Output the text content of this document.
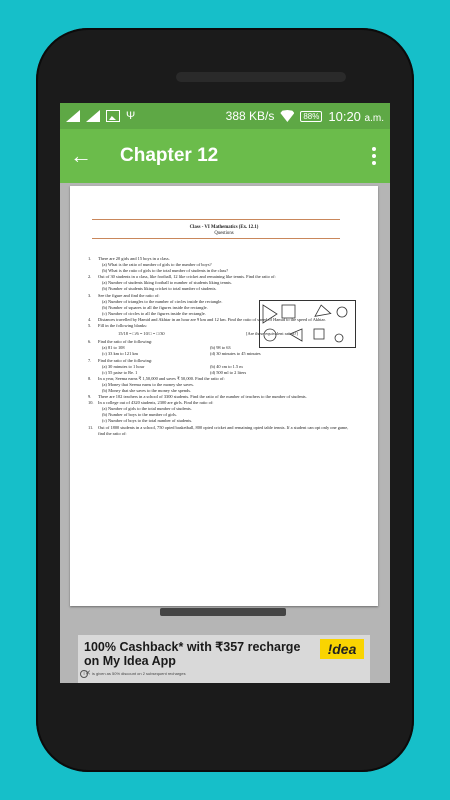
Ψ	388 KB/s	88% 10:20 a.m.
←	Chapter 12
Class - VI Mathematics (Ex. 12.1)
Questions
1.	There are 20 girls and 15 boys in a class.
(a) What is the ratio of number of girls to the number of boys?
(b) What is the ratio of girls to the total number of students in the class?
2.	Out of 30 students in a class, like football, 12 like cricket and remaining like tennis. Find the ratio of:
(a) Number of students liking football to number of students liking tennis.
(b) Number of students liking cricket to total number of students.
3.	See the figure and find the ratio of:
(a) Number of triangles to the number of circles inside the rectangle.
(b) Number of squares to all the figures inside the rectangle.
(c) Number of circles to all the figures inside the rectangle.
4.	Distances travelled by Hamid and Akhtar in an hour are 9 km and 12 km. Find the ratio of speed of Hamid to the speed of Akhtar.
5.	Fill in the following blanks:
15/18 = □/6 = 10/□ = □/30	[Are these equivalent ratios?]
6.	Find the ratio of the following:
(a) 81 to 108	(b) 98 to 63
(c) 33 km to 121 km	(d) 30 minutes to 45 minutes
7.	Find the ratio of the following:
(a) 30 minutes to 1 hour	(b) 40 cm to 1.5 m
(c) 55 paise to Re. 1	(d) 500 ml to 2 liters
8.	In a year, Seema earns ₹ 1,50,000 and saves ₹ 50,000. Find the ratio of:
(a) Money that Seema earns to the money she saves.
(b) Money that she saves to the money she spends.
9.	There are 102 teachers in a school of 3300 students. Find the ratio of the number of teachers to the number of students.
10.	In a college out of 4320 students, 2300 are girls. Find the ratio of:
(a) Number of girls to the total number of students.
(b) Number of boys to the number of girls.
(c) Number of boys to the total number of students.
11.	Out of 1800 students in a school, 750 opted basketball, 800 opted cricket and remaining opted table tennis. If a student can opt only one game, find the ratio of:
100% Cashback* with ₹357 recharge
on My Idea App
!dea
i ✕ is given as 50% discount on 2 subsequent recharges
